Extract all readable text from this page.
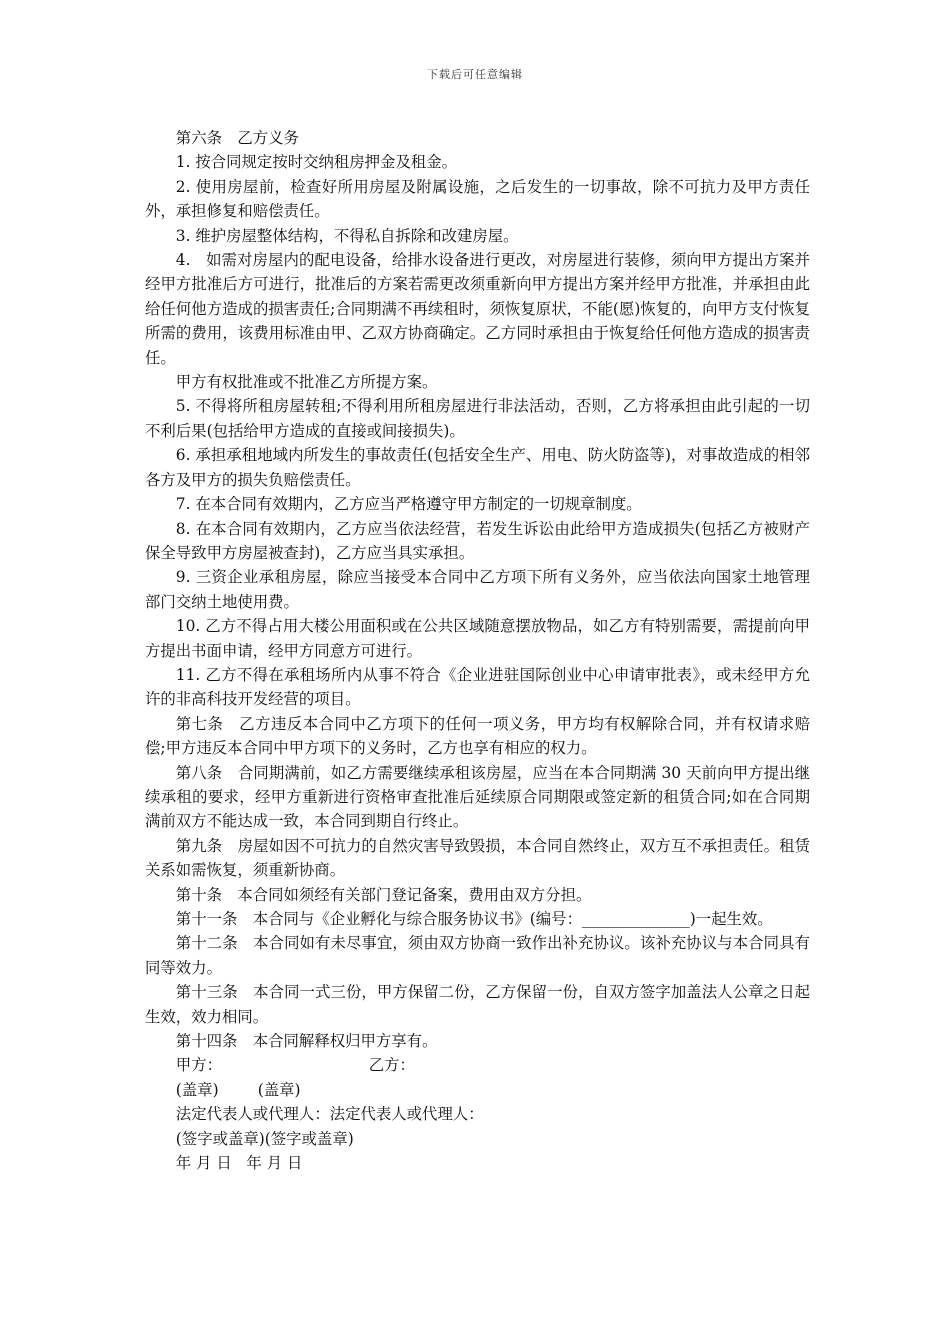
下载后可任意编辑

第六条　乙方义务

1. 按合同规定按时交纳租房押金及租金。

2. 使用房屋前，检查好所用房屋及附属设施，之后发生的一切事故，除不可抗力及甲方责任外，承担修复和赔偿责任。

3. 维护房屋整体结构，不得私自拆除和改建房屋。

4.　如需对房屋内的配电设备，给排水设备进行更改，对房屋进行装修，须向甲方提出方案并经甲方批准后方可进行，批准后的方案若需更改须重新向甲方提出方案并经甲方批准，并承担由此给任何他方造成的损害责任;合同期满不再续租时，须恢复原状，不能(愿)恢复的，向甲方支付恢复所需的费用，该费用标准由甲、乙双方协商确定。乙方同时承担由于恢复给任何他方造成的损害责任。

甲方有权批准或不批准乙方所提方案。

5. 不得将所租房屋转租;不得利用所租房屋进行非法活动，否则，乙方将承担由此引起的一切不利后果(包括给甲方造成的直接或间接损失)。

6. 承担承租地域内所发生的事故责任(包括安全生产、用电、防火防盗等)，对事故造成的相邻各方及甲方的损失负赔偿责任。

7. 在本合同有效期内，乙方应当严格遵守甲方制定的一切规章制度。

8. 在本合同有效期内，乙方应当依法经营，若发生诉讼由此给甲方造成损失(包括乙方被财产保全导致甲方房屋被查封)，乙方应当具实承担。

9. 三资企业承租房屋，除应当接受本合同中乙方项下所有义务外，应当依法向国家土地管理部门交纳土地使用费。

10. 乙方不得占用大楼公用面积或在公共区域随意摆放物品，如乙方有特别需要，需提前向甲方提出书面申请，经甲方同意方可进行。

11. 乙方不得在承租场所内从事不符合《企业进驻国际创业中心申请审批表》，或未经甲方允许的非高科技开发经营的项目。

第七条　乙方违反本合同中乙方项下的任何一项义务，甲方均有权解除合同，并有权请求赔偿;甲方违反本合同中甲方项下的义务时，乙方也享有相应的权力。

第八条　合同期满前，如乙方需要继续承租该房屋，应当在本合同期满 30 天前向甲方提出继续承租的要求，经甲方重新进行资格审查批准后延续原合同期限或签定新的租赁合同;如在合同期满前双方不能达成一致，本合同到期自行终止。

第九条　房屋如因不可抗力的自然灾害导致毁损，本合同自然终止，双方互不承担责任。租赁关系如需恢复，须重新协商。

第十条　本合同如须经有关部门登记备案，费用由双方分担。

第十一条　本合同与《企业孵化与综合服务协议书》(编号：______________)一起生效。

第十二条　本合同如有未尽事宜，须由双方协商一致作出补充协议。该补充协议与本合同具有同等效力。

第十三条　本合同一式三份，甲方保留二份，乙方保留一份，自双方签字加盖法人公章之日起生效，效力相同。

第十四条　本合同解释权归甲方享有。

甲方：                              乙方：
(盖章)        (盖章)
法定代表人或代理人：法定代表人或代理人：
(签字或盖章)(签字或盖章)
年 月 日   年 月 日
